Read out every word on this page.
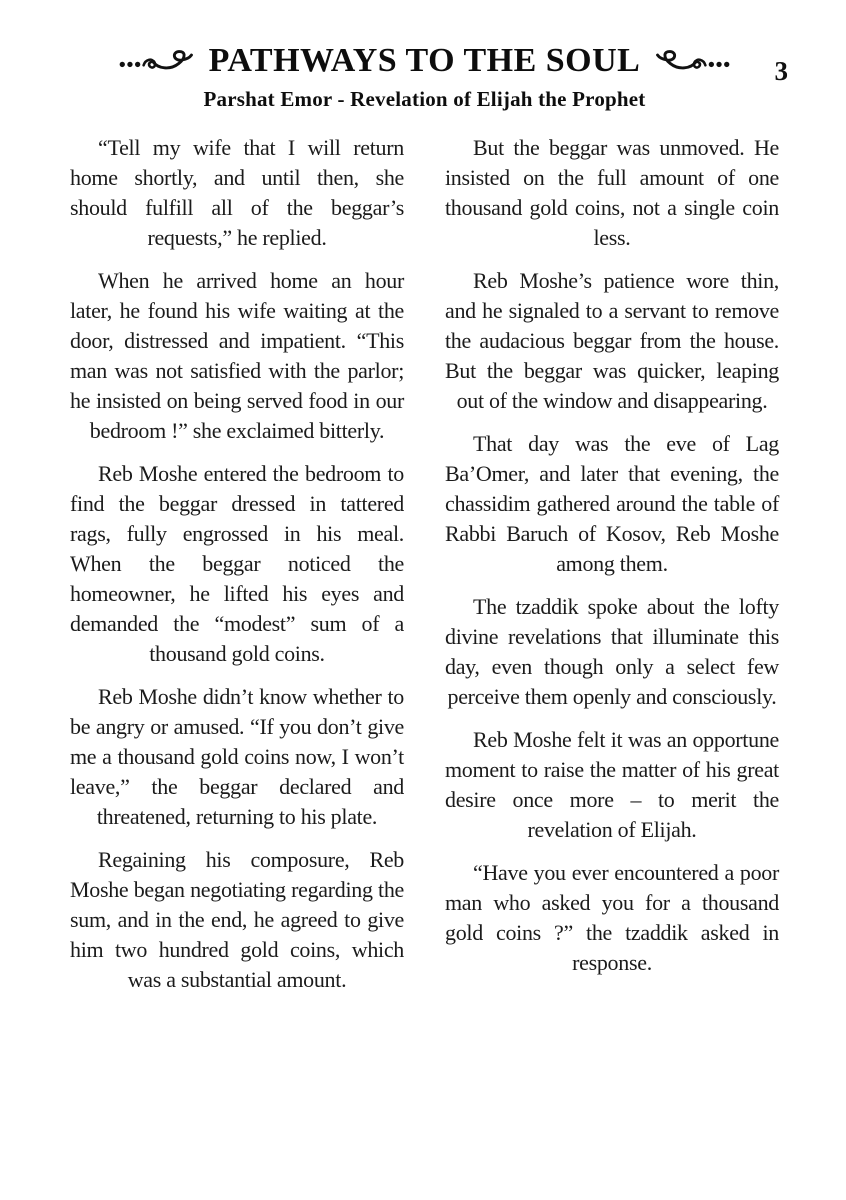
PATHWAYS TO THE SOUL	3
Parshat Emor - Revelation of Elijah the Prophet

“Tell my wife that I will return home shortly, and until then, she should fulfill all of the beggar’s requests,” he replied.

When he arrived home an hour later, he found his wife waiting at the door, distressed and impatient. “This man was not satisfied with the parlor; he insisted on being served food in our bedroom !” she exclaimed bitterly.

Reb Moshe entered the bedroom to find the beggar dressed in tattered rags, fully engrossed in his meal. When the beggar noticed the homeowner, he lifted his eyes and demanded the “modest” sum of a thousand gold coins.

Reb Moshe didn’t know whether to be angry or amused. “If you don’t give me a thousand gold coins now, I won’t leave,” the beggar declared and threatened, returning to his plate.

Regaining his composure, Reb Moshe began negotiating regarding the sum, and in the end, he agreed to give him two hundred gold coins, which was a substantial amount.

But the beggar was unmoved. He insisted on the full amount of one thousand gold coins, not a single coin less.

Reb Moshe’s patience wore thin, and he signaled to a servant to remove the audacious beggar from the house. But the beggar was quicker, leaping out of the window and disappearing.

That day was the eve of Lag Ba’Omer, and later that evening, the chassidim gathered around the table of Rabbi Baruch of Kosov, Reb Moshe among them.

The tzaddik spoke about the lofty divine revelations that illuminate this day, even though only a select few perceive them openly and consciously.

Reb Moshe felt it was an opportune moment to raise the matter of his great desire once more – to merit the revelation of Elijah.

“Have you ever encountered a poor man who asked you for a thousand gold coins ?” the tzaddik asked in response.
